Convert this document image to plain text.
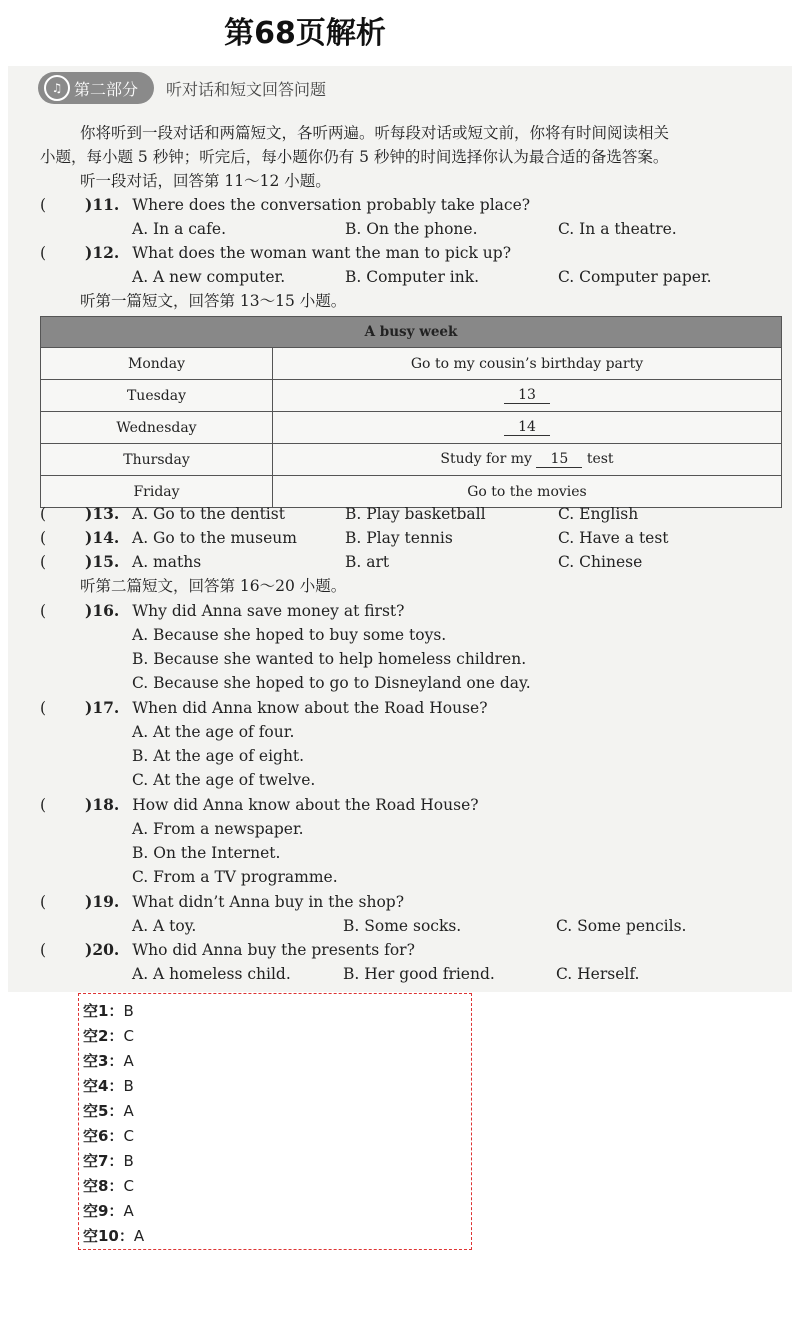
第68页解析
♫ 第二部分 听对话和短文回答问题
你将听到一段对话和两篇短文，各听两遍。听每段对话或短文前，你将有时间阅读相关
小题，每小题 5 秒钟；听完后，每小题你仍有 5 秒钟的时间选择你认为最合适的备选答案。
听一段对话，回答第 11～12 小题。
(	)11. Where does the conversation probably take place?
A. In a cafe.	B. On the phone.	C. In a theatre.
(	)12. What does the woman want the man to pick up?
A. A new computer.	B. Computer ink.	C. Computer paper.
听第一篇短文，回答第 13～15 小题。
A busy week	
Monday	Go to my cousin’s birthday party
Tuesday	13
Wednesday	14
Thursday	Study for my 15 test
Friday	Go to the movies
(	)13. A. Go to the dentist	B. Play basketball	C. English
(	)14. A. Go to the museum	B. Play tennis	C. Have a test
(	)15. A. maths	B. art	C. Chinese
听第二篇短文，回答第 16～20 小题。
(	)16. Why did Anna save money at first?
A. Because she hoped to buy some toys.
B. Because she wanted to help homeless children.
C. Because she hoped to go to Disneyland one day.
(	)17. When did Anna know about the Road House?
A. At the age of four.
B. At the age of eight.
C. At the age of twelve.
(	)18. How did Anna know about the Road House?
A. From a newspaper.
B. On the Internet.
C. From a TV programme.
(	)19. What didn’t Anna buy in the shop?
A. A toy.	B. Some socks.	C. Some pencils.
(	)20. Who did Anna buy the presents for?
A. A homeless child.	B. Her good friend.	C. Herself.
空1：B
空2：C
空3：A
空4：B
空5：A
空6：C
空7：B
空8：C
空9：A
空10：A
